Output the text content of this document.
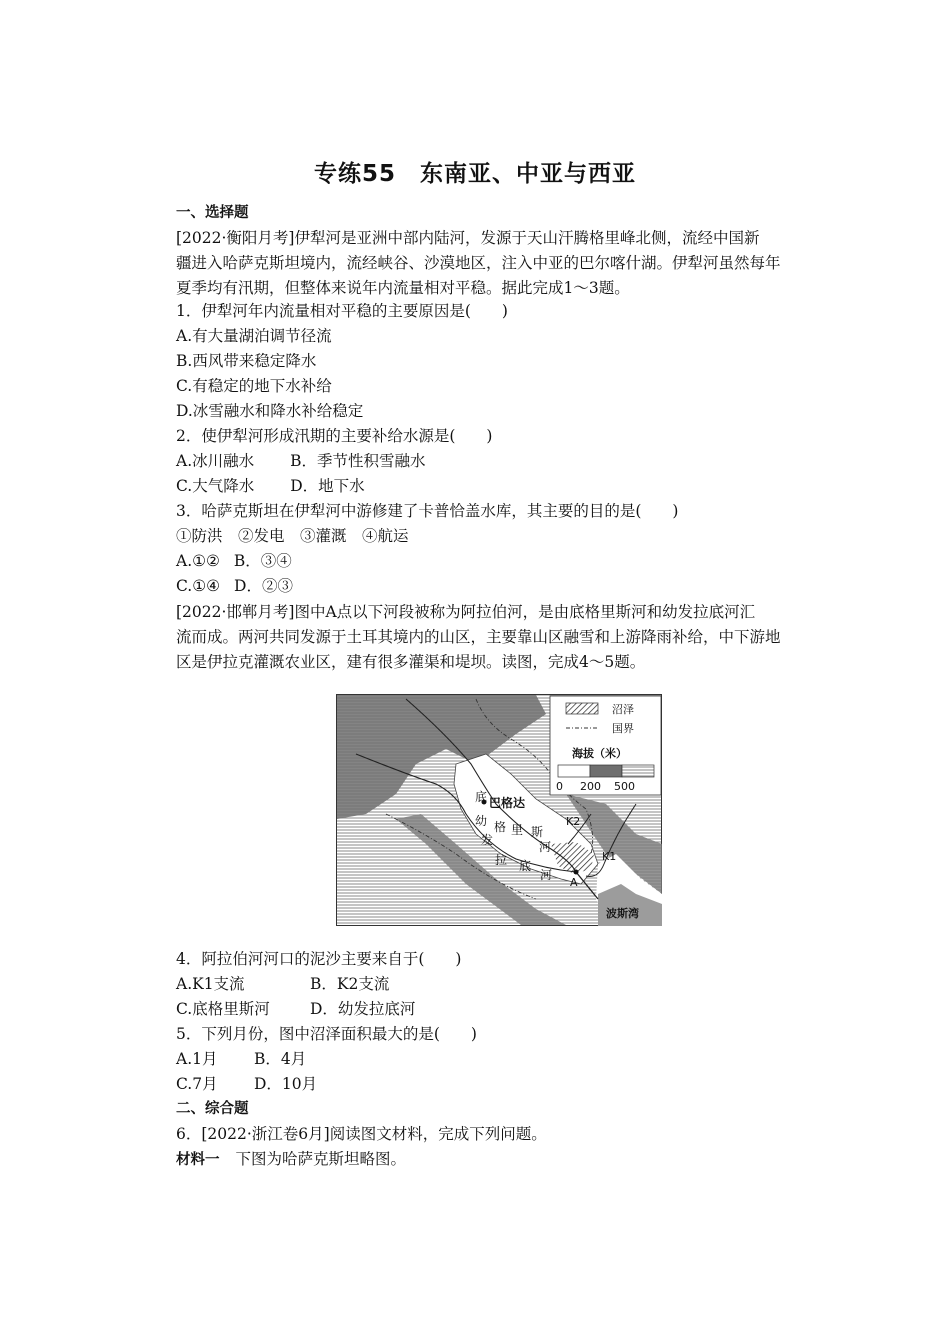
专练55　东南亚、中亚与西亚
一、选择题
[2022·衡阳月考]伊犁河是亚洲中部内陆河，发源于天山汗腾格里峰北侧，流经中国新
疆进入哈萨克斯坦境内，流经峡谷、沙漠地区，注入中亚的巴尔喀什湖。伊犁河虽然每年
夏季均有汛期，但整体来说年内流量相对平稳。据此完成1～3题。
1．伊犁河年内流量相对平稳的主要原因是(　　)
A.有大量湖泊调节径流
B.西风带来稳定降水
C.有稳定的地下水补给
D.冰雪融水和降水补给稳定
2．使伊犁河形成汛期的主要补给水源是(　　)
A.冰川融水 B．季节性积雪融水
C.大气降水 D．地下水
3．哈萨克斯坦在伊犁河中游修建了卡普恰盖水库，其主要的目的是(　　)
①防洪　②发电　③灌溉　④航运
A.①② B．③④
C.①④ D．②③
[2022·邯郸月考]图中A点以下河段被称为阿拉伯河，是由底格里斯河和幼发拉底河汇
流而成。两河共同发源于土耳其境内的山区，主要靠山区融雪和上游降雨补给，中下游地
区是伊拉克灌溉农业区，建有很多灌渠和堤坝。读图，完成4～5题。
底 巴格达
格 里 斯
河
幼
发
拉 底
河
K2
K1
A
波斯湾
沼泽
国界
海拔（米）
0 200 500
4．阿拉伯河河口的泥沙主要来自于(　　)
A.K1支流	B．K2支流
C.底格里斯河	D．幼发拉底河
5．下列月份，图中沼泽面积最大的是(　　)
A.1月 B．4月
C.7月 D．10月
二、综合题
6．[2022·浙江卷6月]阅读图文材料，完成下列问题。
材料一 下图为哈萨克斯坦略图。
